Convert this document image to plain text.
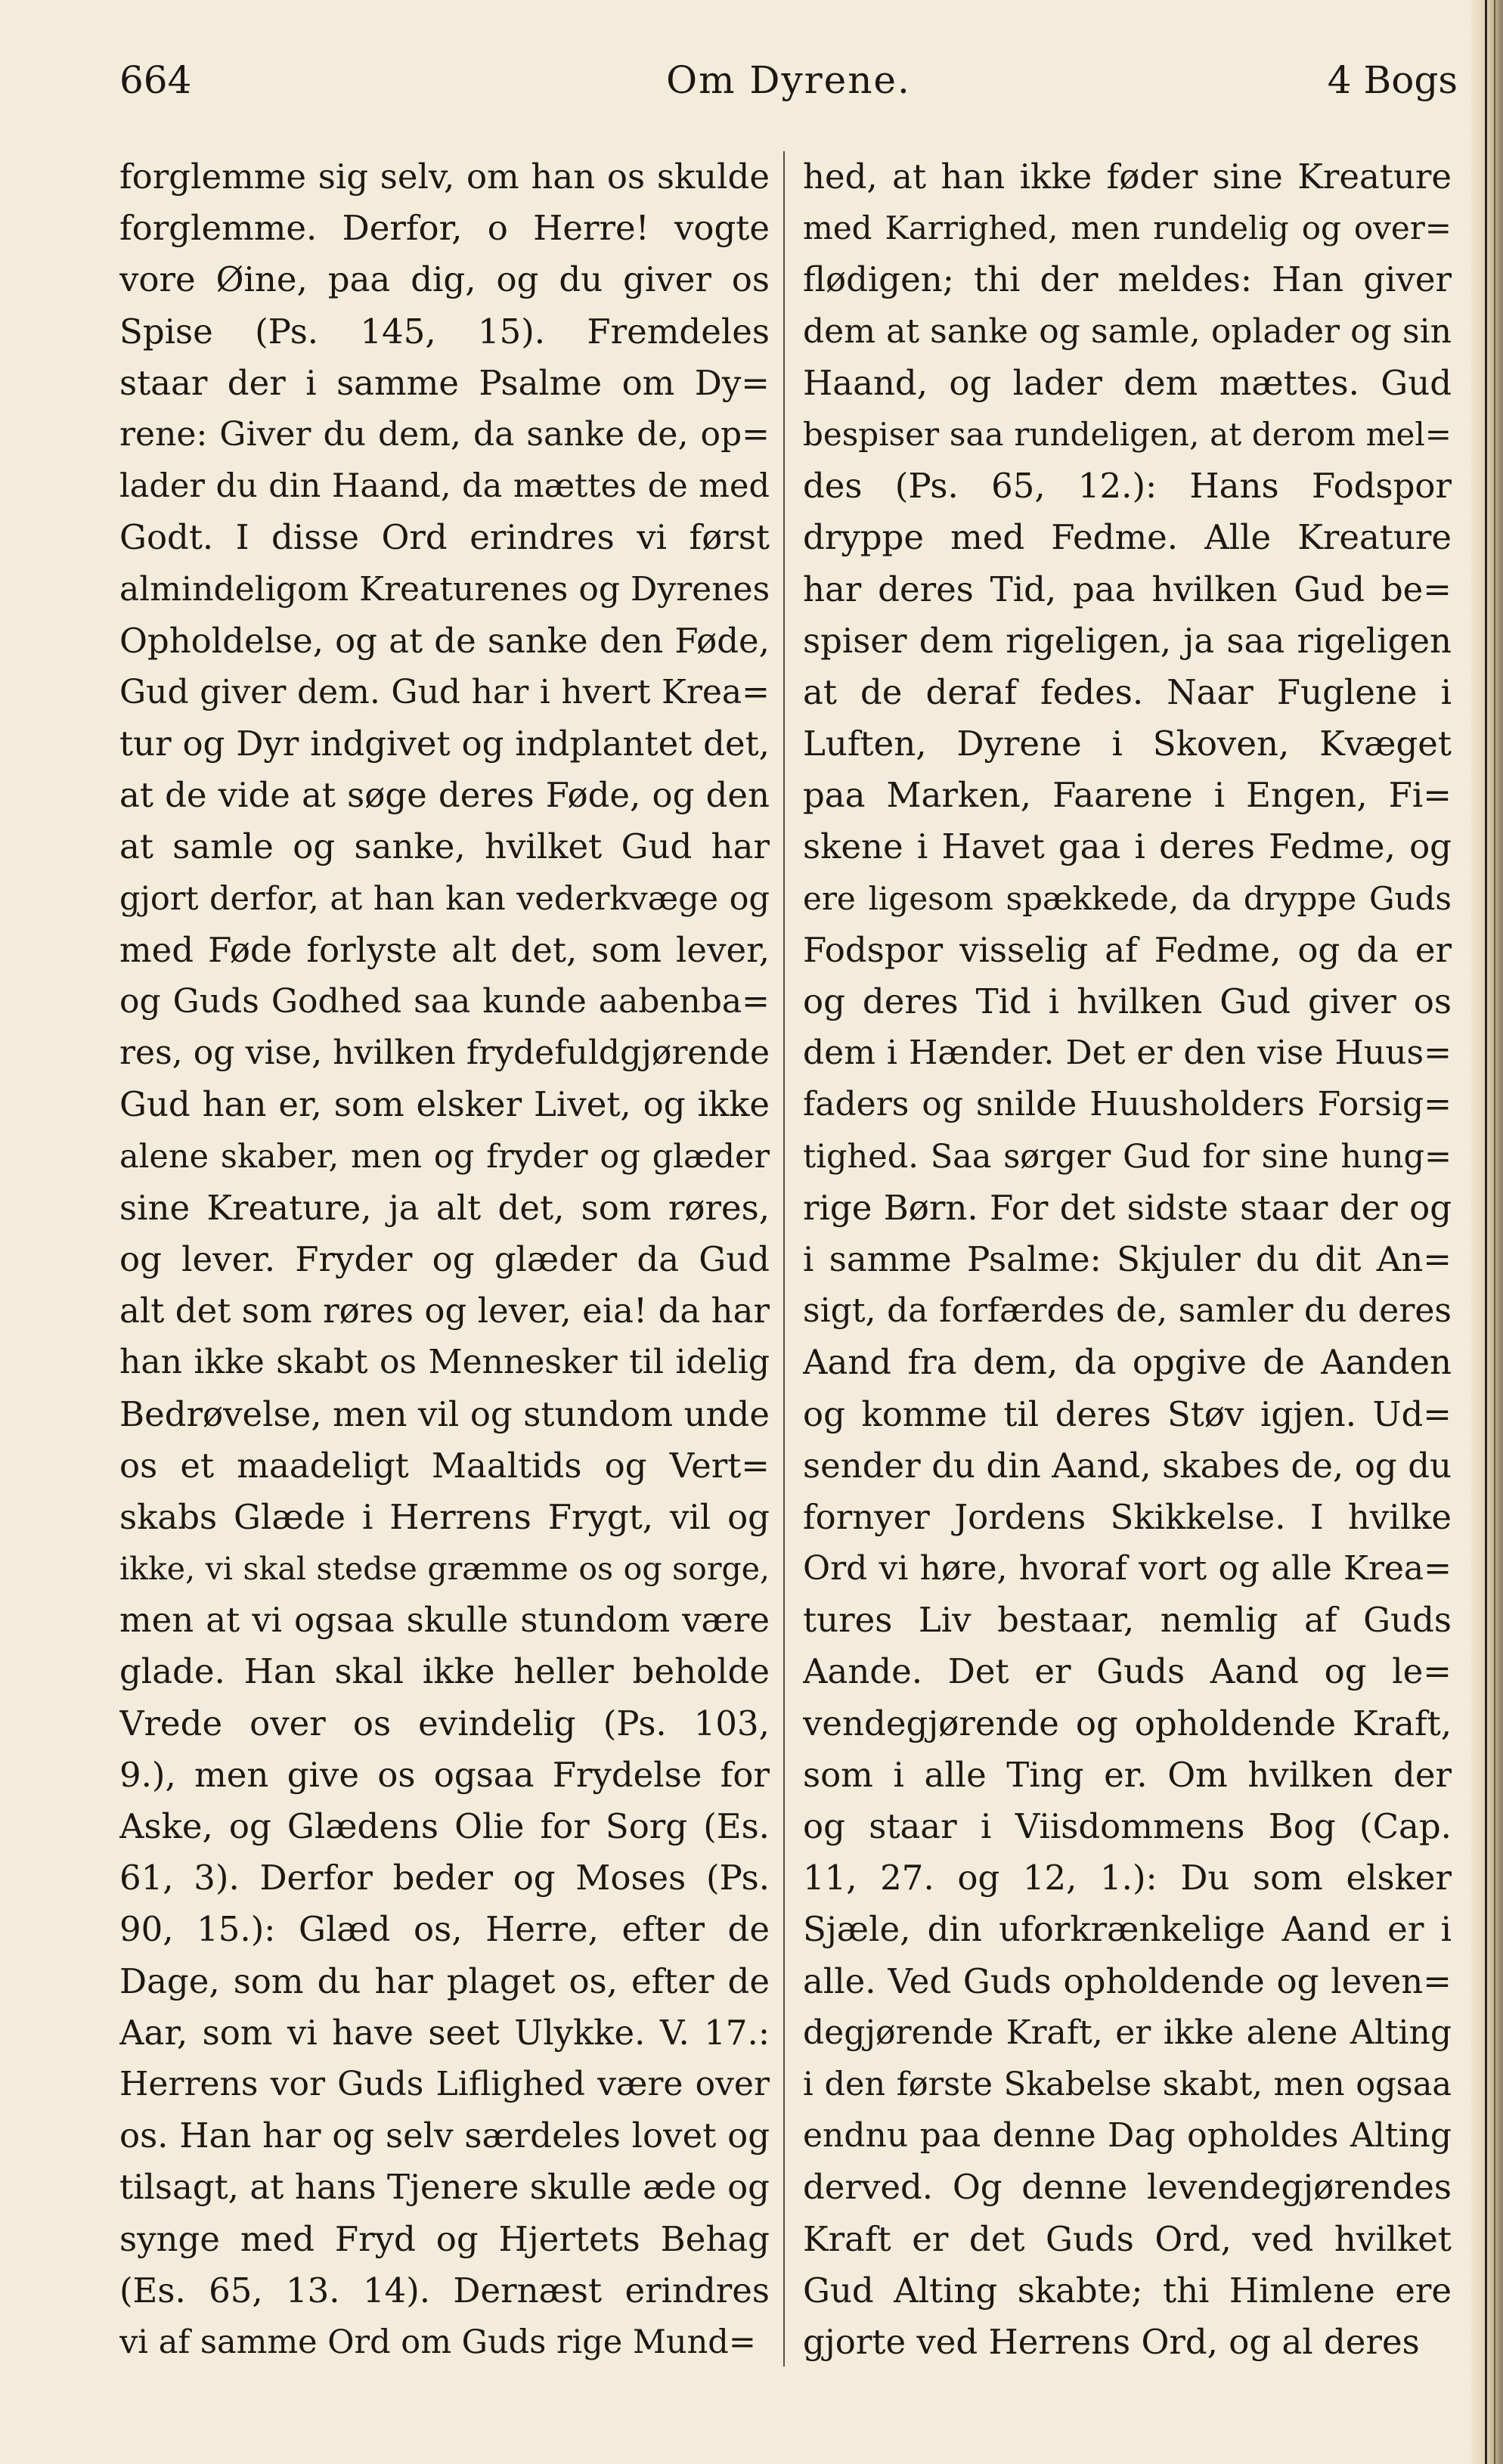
664	Om Dyrene.	4 Bogs
forglemme sig selv, om han os skulde
forglemme. Derfor, o Herre! vogte
vore Øine, paa dig, og du giver os
Spise (Ps. 145, 15). Fremdeles
staar der i samme Psalme om Dy=
rene: Giver du dem, da sanke de, op=
lader du din Haand, da mættes de med
Godt. I disse Ord erindres vi først
almindeligom Kreaturenes og Dyrenes
Opholdelse, og at de sanke den Føde,
Gud giver dem. Gud har i hvert Krea=
tur og Dyr indgivet og indplantet det,
at de vide at søge deres Føde, og den
at samle og sanke, hvilket Gud har
gjort derfor, at han kan vederkvæge og
med Føde forlyste alt det, som lever,
og Guds Godhed saa kunde aabenba=
res, og vise, hvilken frydefuldgjørende
Gud han er, som elsker Livet, og ikke
alene skaber, men og fryder og glæder
sine Kreature, ja alt det, som røres,
og lever. Fryder og glæder da Gud
alt det som røres og lever, eia! da har
han ikke skabt os Mennesker til idelig
Bedrøvelse, men vil og stundom unde
os et maadeligt Maaltids og Vert=
skabs Glæde i Herrens Frygt, vil og
ikke, vi skal stedse græmme os og sorge,
men at vi ogsaa skulle stundom være
glade. Han skal ikke heller beholde
Vrede over os evindelig (Ps. 103,
9.), men give os ogsaa Frydelse for
Aske, og Glædens Olie for Sorg (Es.
61, 3). Derfor beder og Moses (Ps.
90, 15.): Glæd os, Herre, efter de
Dage, som du har plaget os, efter de
Aar, som vi have seet Ulykke. V. 17.:
Herrens vor Guds Liflighed være over
os. Han har og selv særdeles lovet og
tilsagt, at hans Tjenere skulle æde og
synge med Fryd og Hjertets Behag
(Es. 65, 13. 14). Dernæst erindres
vi af samme Ord om Guds rige Mund=
hed, at han ikke føder sine Kreature
med Karrighed, men rundelig og over=
flødigen; thi der meldes: Han giver
dem at sanke og samle, oplader og sin
Haand, og lader dem mættes. Gud
bespiser saa rundeligen, at derom mel=
des (Ps. 65, 12.): Hans Fodspor
dryppe med Fedme. Alle Kreature
har deres Tid, paa hvilken Gud be=
spiser dem rigeligen, ja saa rigeligen
at de deraf fedes. Naar Fuglene i
Luften, Dyrene i Skoven, Kvæget
paa Marken, Faarene i Engen, Fi=
skene i Havet gaa i deres Fedme, og
ere ligesom spækkede, da dryppe Guds
Fodspor visselig af Fedme, og da er
og deres Tid i hvilken Gud giver os
dem i Hænder. Det er den vise Huus=
faders og snilde Huusholders Forsig=
tighed. Saa sørger Gud for sine hung=
rige Børn. For det sidste staar der og
i samme Psalme: Skjuler du dit An=
sigt, da forfærdes de, samler du deres
Aand fra dem, da opgive de Aanden
og komme til deres Støv igjen. Ud=
sender du din Aand, skabes de, og du
fornyer Jordens Skikkelse. I hvilke
Ord vi høre, hvoraf vort og alle Krea=
tures Liv bestaar, nemlig af Guds
Aande. Det er Guds Aand og le=
vendegjørende og opholdende Kraft,
som i alle Ting er. Om hvilken der
og staar i Viisdommens Bog (Cap.
11, 27. og 12, 1.): Du som elsker
Sjæle, din uforkrænkelige Aand er i
alle. Ved Guds opholdende og leven=
degjørende Kraft, er ikke alene Alting
i den første Skabelse skabt, men ogsaa
endnu paa denne Dag opholdes Alting
derved. Og denne levendegjørendes
Kraft er det Guds Ord, ved hvilket
Gud Alting skabte; thi Himlene ere
gjorte ved Herrens Ord, og al deres
